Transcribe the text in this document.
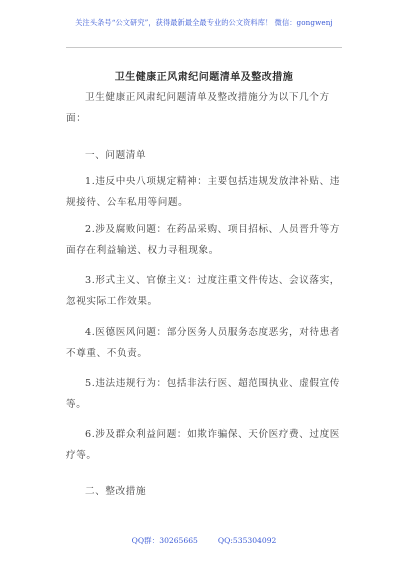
关注头条号“公文研究”，获得最新最全最专业的公文资料库！ 微信：gongwenj
卫生健康正风肃纪问题清单及整改措施

卫生健康正风肃纪问题清单及整改措施分为以下几个方面：

一、问题清单

1.违反中央八项规定精神：主要包括违规发放津补贴、违规接待、公车私用等问题。

2.涉及腐败问题：在药品采购、项目招标、人员晋升等方面存在利益输送、权力寻租现象。

3.形式主义、官僚主义：过度注重文件传达、会议落实，忽视实际工作效果。

4.医德医风问题：部分医务人员服务态度恶劣，对待患者不尊重、不负责。

5.违法违规行为：包括非法行医、超范围执业、虚假宣传等。

6.涉及群众利益问题：如欺诈骗保、天价医疗费、过度医疗等。

二、整改措施

QQ群：30265665	QQ:535304092
